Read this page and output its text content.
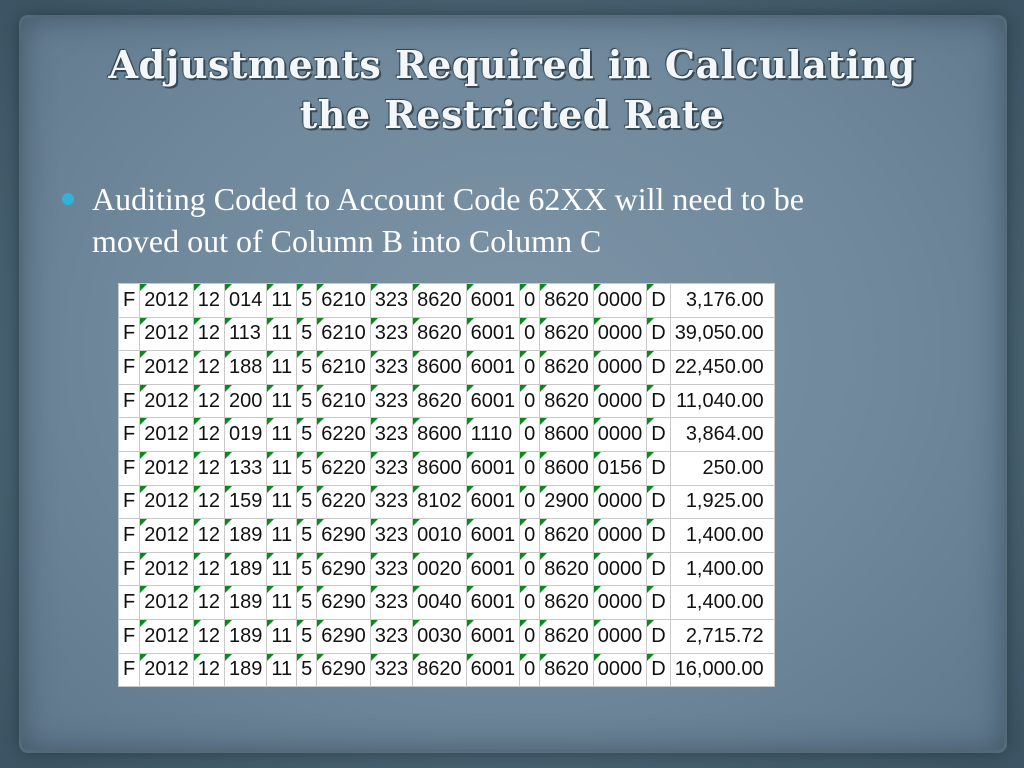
Adjustments Required in Calculating
the Restricted Rate
Auditing Coded to Account Code 62XX will need to be
moved out of Column B into Column C
F	2012	12	014	11	5	6210	323	8620	6001	0	8620	0000	D	3,176.00
F	2012	12	113	11	5	6210	323	8620	6001	0	8620	0000	D	39,050.00
F	2012	12	188	11	5	6210	323	8600	6001	0	8620	0000	D	22,450.00
F	2012	12	200	11	5	6210	323	8620	6001	0	8620	0000	D	11,040.00
F	2012	12	019	11	5	6220	323	8600	1110	0	8600	0000	D	3,864.00
F	2012	12	133	11	5	6220	323	8600	6001	0	8600	0156	D	250.00
F	2012	12	159	11	5	6220	323	8102	6001	0	2900	0000	D	1,925.00
F	2012	12	189	11	5	6290	323	0010	6001	0	8620	0000	D	1,400.00
F	2012	12	189	11	5	6290	323	0020	6001	0	8620	0000	D	1,400.00
F	2012	12	189	11	5	6290	323	0040	6001	0	8620	0000	D	1,400.00
F	2012	12	189	11	5	6290	323	0030	6001	0	8620	0000	D	2,715.72
F	2012	12	189	11	5	6290	323	8620	6001	0	8620	0000	D	16,000.00
